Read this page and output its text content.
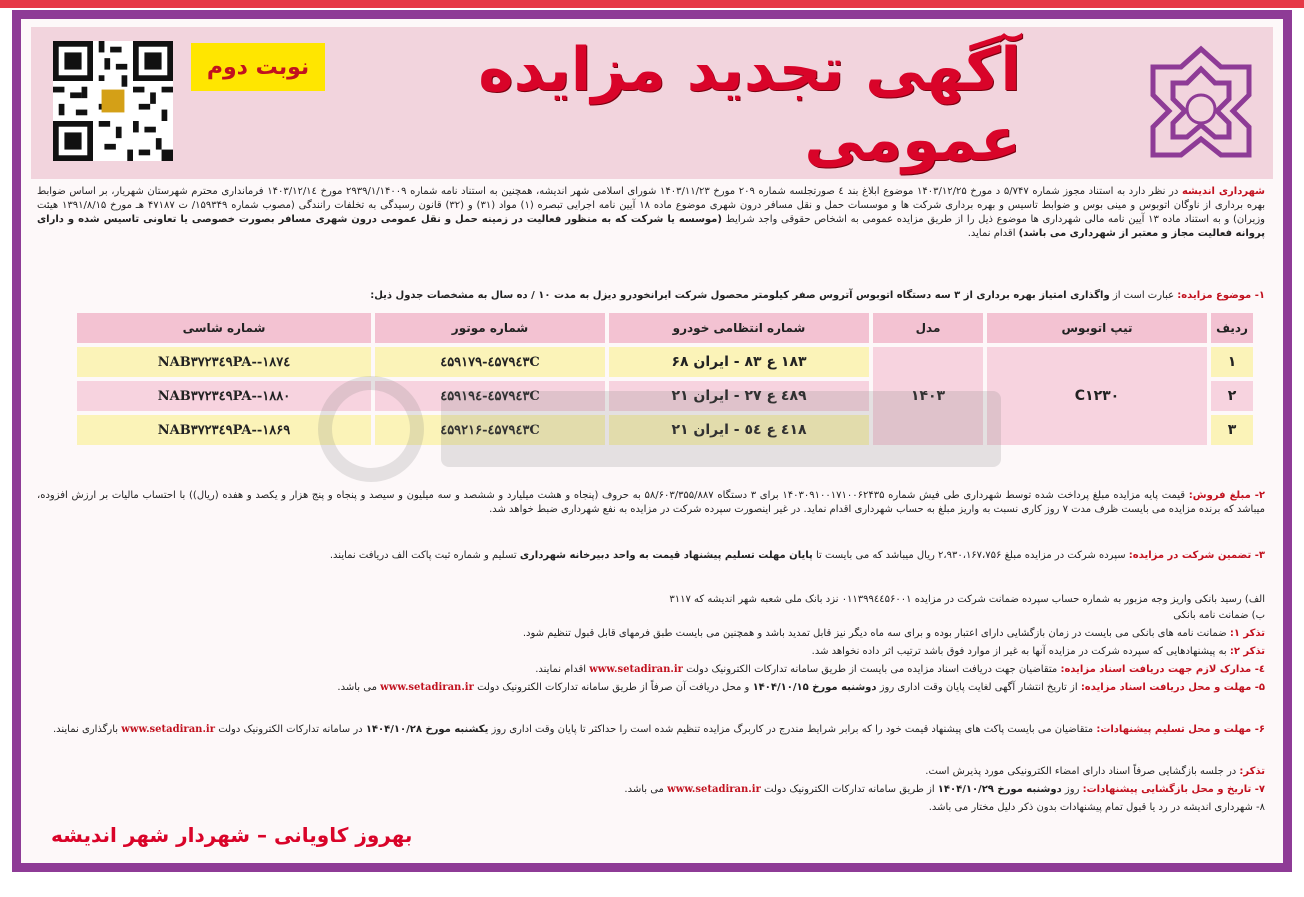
نوبت دوم	آگهی تجدید مزایده عمومی
شهرداری اندیشه در نظر دارد به استناد مجوز شماره ۵/۷۴۷ د مورخ ۱۴۰۳/۱۲/۲۵ موضوع ابلاغ بند ٤ صورتجلسه شماره ۲۰۹ مورخ ۱۴۰۳/۱۱/۲۳ شورای اسلامی شهر اندیشه، همچنین به استناد نامه شماره ۲۹۳۹/۱/۱۴۰۰۹ مورخ ۱۴۰۳/۱۲/۱٤ فرمانداری محترم شهرستان شهریار، بر اساس ضوابط بهره برداری از ناوگان اتوبوس و مینی بوس و ضوابط تاسیس و بهره برداری شرکت ها و موسسات حمل و نقل مسافر درون شهری موضوع ماده ۱۸ آیین نامه اجرایی تبصره (۱) مواد (۳۱) و (۳۲) قانون رسیدگی به تخلفات رانندگی (مصوب شماره ۱۵۹۳۴۹/ ت ۴۷۱۸۷ هـ مورخ ۱۳۹۱/۸/۱۵ هیئت وزیران) و به استناد ماده ۱۳ آیین نامه مالی شهرداری ها موضوع ذیل را از طریق مزایده عمومی به اشخاص حقوقی واجد شرایط (موسسه یا شرکت که به منظور فعالیت در زمینه حمل و نقل عمومی درون شهری مسافر بصورت خصوصی یا تعاونی تاسیس شده و دارای پروانه فعالیت مجاز و معتبر از شهرداری می باشد) اقدام نماید.
۱- موضوع مزایده: عبارت است از واگذاری امتیاز بهره برداری از ۳ سه دستگاه اتوبوس آتروس صفر کیلومتر محصول شرکت ایرانخودرو دیزل به مدت ۱۰ / ده سال به مشخصات جدول ذیل:
ردیف	تیپ اتوبوس	مدل	شماره انتظامی خودرو	شماره موتور	شماره شاسی
۱	C۱۲۳۰	۱۴۰۳	۱۸۳ ع ۸۳ - ایران ۶۸	٤۵۷۹٤۳C-٤۵۹۱۷۹	NAB۳۷۲۳٤۹PA--۱۸۷٤
۲			٤۸۹ ع ۲۷ - ایران ۲۱	٤۵۷۹٤۳C-٤۵۹۱۹٤	NAB۳۷۲۳٤۹PA--۱۸۸۰
۳			٤۱۸ ع ٥٤ - ایران ۲۱	٤۵۷۹٤۳C-٤۵۹۲۱۶	NAB۳۷۲۳٤۹PA--۱۸۶۹
۲- مبلغ فروش: قیمت پایه مزایده مبلغ پرداخت شده توسط شهرداری طی فیش شماره ۱۴۰۳۰۹۱۰۰۱۷۱۰۰۶۲۴۳۵ برای ۳ دستگاه ۵۸/۶۰۳/۳۵۵/۸۸۷ به حروف (پنجاه و هشت میلیارد و ششصد و سه میلیون و سیصد و پنجاه و پنج هزار و یکصد و هفده (ریال)) با احتساب مالیات بر ارزش افزوده، میباشد که برنده مزایده می بایست ظرف مدت ۷ روز کاری نسبت به واریز مبلغ به حساب شهرداری اقدام نماید. در غیر اینصورت سپرده شرکت در مزایده به نفع شهرداری ضبط خواهد شد.
۳- تضمین شرکت در مزایده: سپرده شرکت در مزایده مبلغ ۲،۹۳۰،۱۶۷،۷۵۶ ریال میباشد که می بایست تا پایان مهلت تسلیم پیشنهاد قیمت به واحد دبیرخانه شهرداری تسلیم و شماره ثبت پاکت الف دریافت نمایند.
الف) رسید بانکی واریز وجه مزبور به شماره حساب سپرده ضمانت شرکت در مزایده ۰۱۱۳۹۹٤٤۵۶۰۰۱ نزد بانک ملی شعبه شهر اندیشه که ۳۱۱۷
ب) ضمانت نامه بانکی
تذکر ۱: ضمانت نامه های بانکی می بایست در زمان بازگشایی دارای اعتبار بوده و برای سه ماه دیگر نیز قابل تمدید باشد و همچنین می بایست طبق فرمهای قابل قبول تنظیم شود.
تذکر ۲: به پیشنهادهایی که سپرده شرکت در مزایده آنها به غیر از موارد فوق باشد ترتیب اثر داده نخواهد شد.
٤- مدارک لازم جهت دریافت اسناد مزایده: متقاضیان جهت دریافت اسناد مزایده می بایست از طریق سامانه تدارکات الکترونیک دولت www.setadiran.ir اقدام نمایند.
۵- مهلت و محل دریافت اسناد مزایده: از تاریخ انتشار آگهی لغایت پایان وقت اداری روز دوشنبه مورخ ۱۴۰۴/۱۰/۱۵ و محل دریافت آن صرفاً از طریق سامانه تدارکات الکترونیک دولت www.setadiran.ir می باشد.
۶- مهلت و محل تسلیم پیشنهادات: متقاضیان می بایست پاکت های پیشنهاد قیمت خود را که برابر شرایط مندرج در کاربرگ مزایده تنظیم شده است را حداکثر تا پایان وقت اداری روز یکشنبه مورخ ۱۴۰۴/۱۰/۲۸ در سامانه تدارکات الکترونیک دولت www.setadiran.ir بارگذاری نمایند.
تذکر: در جلسه بازگشایی صرفاً اسناد دارای امضاء الکترونیکی مورد پذیرش است.
۷- تاریخ و محل بازگشایی پیشنهادات: روز دوشنبه مورخ ۱۴۰۴/۱۰/۲۹ از طریق سامانه تدارکات الکترونیک دولت www.setadiran.ir می باشد.
۸- شهرداری اندیشه در رد یا قبول تمام پیشنهادات بدون ذکر دلیل مختار می باشد.
بهروز کاویانی – شهردار شهر اندیشه
